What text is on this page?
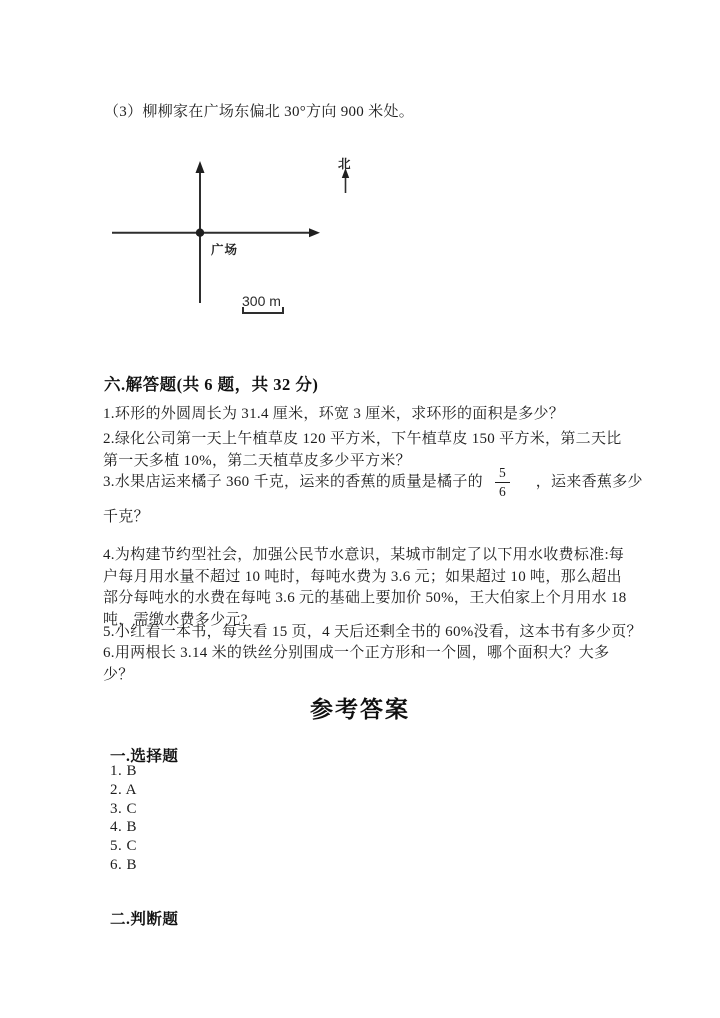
（3）柳柳家在广场东偏北 30°方向 900 米处。

北
广场
300 m
六.解答题(共 6 题，共 32 分)

1.环形的外圆周长为 31.4 厘米，环宽 3 厘米，求环形的面积是多少？

2.绿化公司第一天上午植草皮 120 平方米，下午植草皮 150 平方米，第二天比第一天多植 10%，第二天植草皮多少平方米？

3.水果店运来橘子 360 千克，运来的香蕉的质量是橘子的 $\frac{5}{6}$ ，运来香蕉多少千克？

4.为构建节约型社会，加强公民节水意识，某城市制定了以下用水收费标准:每户每月用水量不超过 10 吨时，每吨水费为 3.6 元；如果超过 10 吨，那么超出部分每吨水的水费在每吨 3.6 元的基础上要加价 50%，王大伯家上个月用水 18 吨，需缴水费多少元?

5.小红看一本书，每天看 15 页，4 天后还剩全书的 60%没看，这本书有多少页？

6.用两根长 3.14 米的铁丝分别围成一个正方形和一个圆，哪个面积大？大多少？

参考答案
一.选择题
1. B
2. A
3. C
4. B
5. C
6. B
二.判断题
